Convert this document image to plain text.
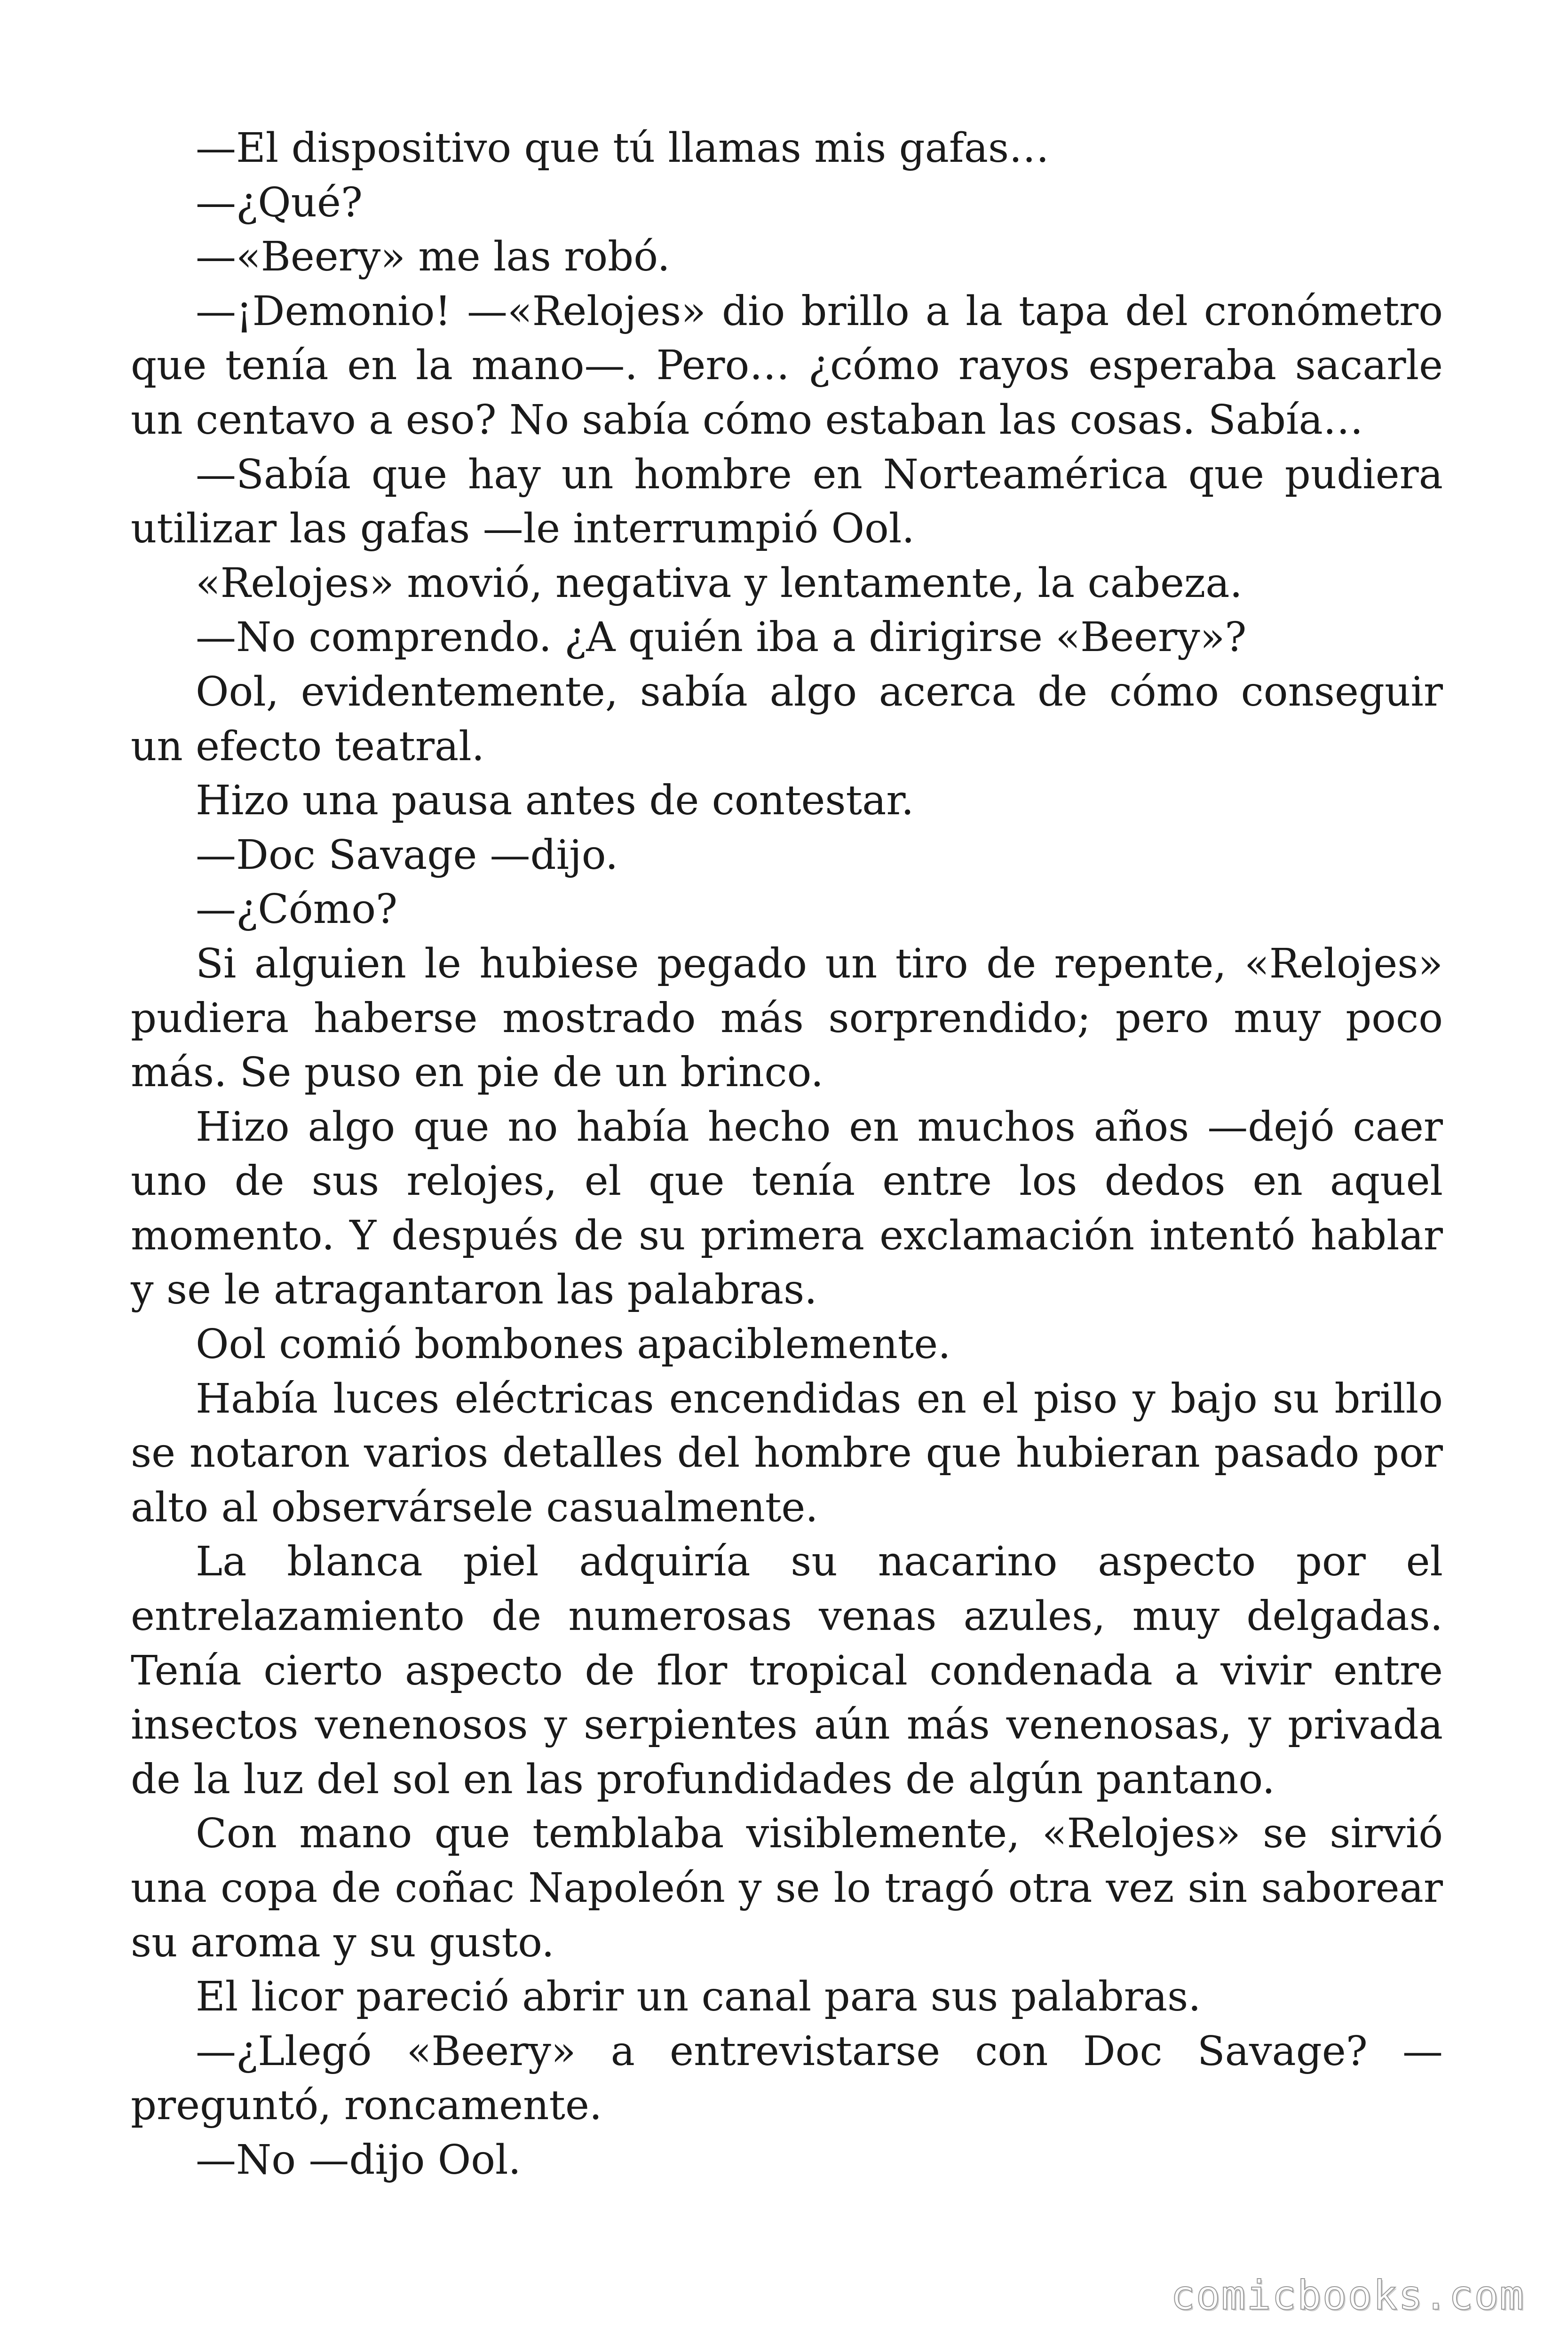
—El dispositivo que tú llamas mis gafas…

—¿Qué?

—«Beery» me las robó.

—¡Demonio! —«Relojes» dio brillo a la tapa del cronómetro que tenía en la mano—. Pero… ¿cómo rayos esperaba sacarle un centavo a eso? No sabía cómo estaban las cosas. Sabía…

—Sabía que hay un hombre en Norteamérica que pudiera utilizar las gafas —le interrumpió Ool.

«Relojes» movió, negativa y lentamente, la cabeza.

—No comprendo. ¿A quién iba a dirigirse «Beery»?

Ool, evidentemente, sabía algo acerca de cómo conseguir un efecto teatral.

Hizo una pausa antes de contestar.

—Doc Savage —dijo.

—¿Cómo?

Si alguien le hubiese pegado un tiro de repente, «Relojes» pudiera haberse mostrado más sorprendido; pero muy poco más. Se puso en pie de un brinco.

Hizo algo que no había hecho en muchos años —dejó caer uno de sus relojes, el que tenía entre los dedos en aquel momento. Y después de su primera exclamación intentó hablar y se le atragantaron las palabras.

Ool comió bombones apaciblemente.

Había luces eléctricas encendidas en el piso y bajo su brillo se notaron varios detalles del hombre que hubieran pasado por alto al observársele casualmente.

La blanca piel adquiría su nacarino aspecto por el entrelazamiento de numerosas venas azules, muy delgadas. Tenía cierto aspecto de flor tropical condenada a vivir entre insectos venenosos y serpientes aún más venenosas, y privada de la luz del sol en las profundidades de algún pantano.

Con mano que temblaba visiblemente, «Relojes» se sirvió una copa de coñac Napoleón y se lo tragó otra vez sin saborear su aroma y su gusto.

El licor pareció abrir un canal para sus palabras.

—¿Llegó «Beery» a entrevistarse con Doc Savage? —preguntó, roncamente.

—No —dijo Ool.

comicbooks.com
